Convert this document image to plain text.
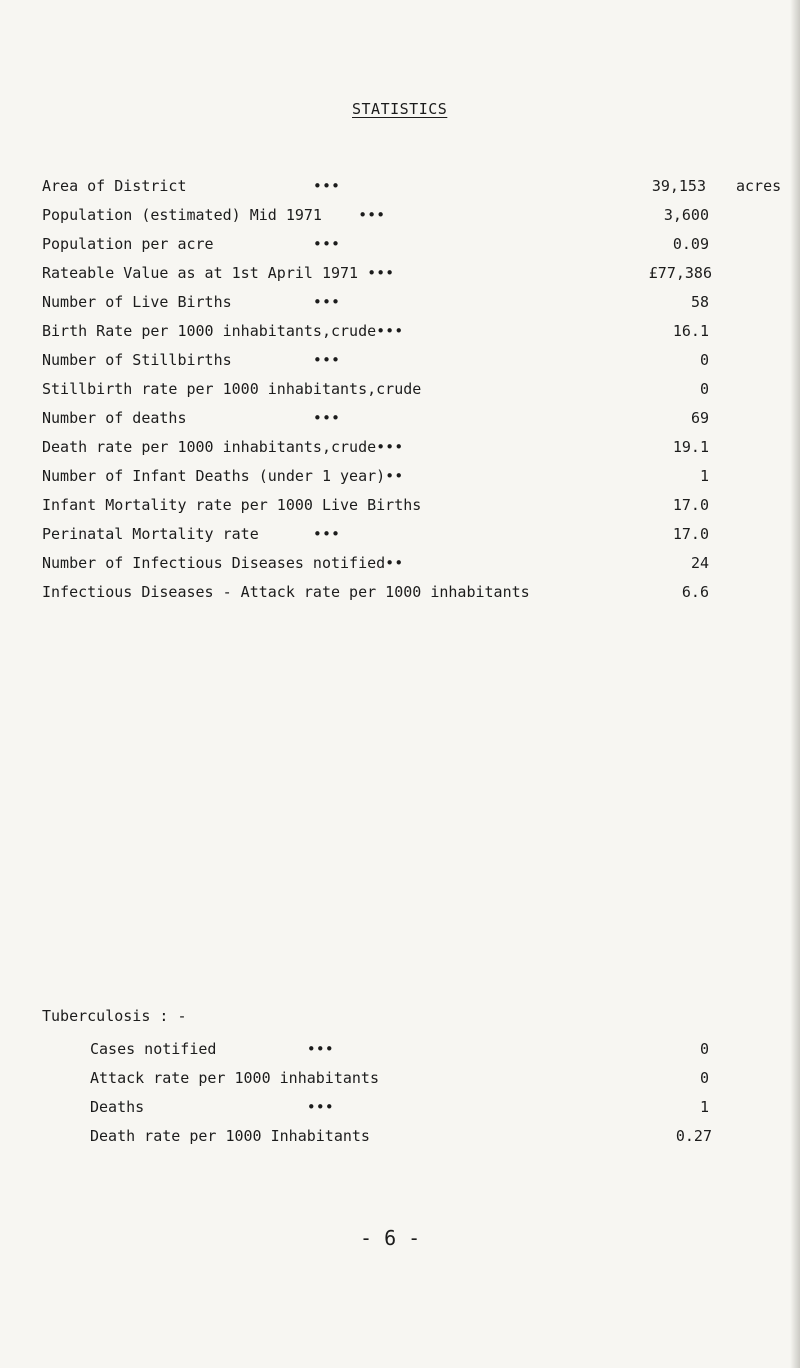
STATISTICS
Area of District              •••	39,153 acres
Population (estimated) Mid 1971    •••	3,600
Population per acre           •••	0.09
Rateable Value as at 1st April 1971 •••	£77,386
Number of Live Births         •••	58
Birth Rate per 1000 inhabitants,crude•••	16.1
Number of Stillbirths         •••	0
Stillbirth rate per 1000 inhabitants,crude	0
Number of deaths              •••	69
Death rate per 1000 inhabitants,crude•••	19.1
Number of Infant Deaths (under 1 year)••	1
Infant Mortality rate per 1000 Live Births	17.0
Perinatal Mortality rate      •••	17.0
Number of Infectious Diseases notified••	24
Infectious Diseases - Attack rate per 1000 inhabitants	6.6
Tuberculosis : -
Cases notified          •••	0
Attack rate per 1000 inhabitants	0
Deaths                  •••	1
Death rate per 1000 Inhabitants	0.27
- 6 -
